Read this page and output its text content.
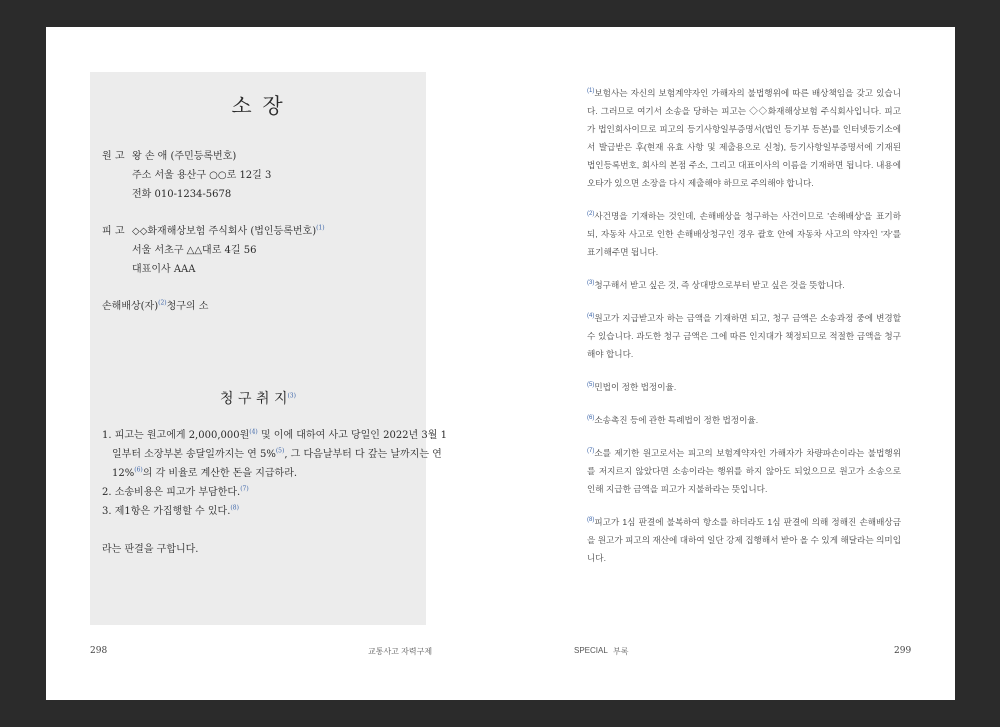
소 장
원 고 왕 손 애 (주민등록번호)
주소 서울 용산구 ○○로 12길 3
전화 010-1234-5678
피 고 ◇◇화재해상보험 주식회사 (법인등록번호)$^{(1)}$
서울 서초구 △△대로 4길 56
대표이사 AAA
손해배상(자)$^{(2)}$청구의 소
청 구 취 지$^{(3)}$
1. 피고는 원고에게 2,000,000원$^{(4)}$ 및 이에 대하여 사고 당일인 2022년 3월 1
일부터 소장부본 송달일까지는 연 5%$^{(5)}$, 그 다음날부터 다 갚는 날까지는 연
12%$^{(6)}$의 각 비율로 계산한 돈을 지급하라.
2. 소송비용은 피고가 부담한다.$^{(7)}$
3. 제1항은 가집행할 수 있다.$^{(8)}$
라는 판결을 구합니다.
$^{(1)}$보험사는 자신의 보험계약자인 가해자의 불법행위에 따른 배상책임을 갖고 있습니다. 그러므로 여기서 소송을 당하는 피고는 ◇◇화재해상보험 주식회사입니다. 피고가 법인회사이므로 피고의 등기사항일부증명서(법인 등기부 등본)를 인터넷등기소에서 발급받은 후(현재 유효 사항 및 제출용으로 신청), 등기사항일부증명서에 기재된 법인등록번호, 회사의 본점 주소, 그리고 대표이사의 이름을 기재하면 됩니다. 내용에 오타가 있으면 소장을 다시 제출해야 하므로 주의해야 합니다.
$^{(2)}$사건명을 기재하는 것인데, 손해배상을 청구하는 사건이므로 '손해배상'을 표기하되, 자동차 사고로 인한 손해배상청구인 경우 괄호 안에 자동차 사고의 약자인 '자'를 표기해주면 됩니다.
$^{(3)}$청구해서 받고 싶은 것, 즉 상대방으로부터 받고 싶은 것을 뜻합니다.
$^{(4)}$원고가 지급받고자 하는 금액을 기재하면 되고, 청구 금액은 소송과정 중에 변경할 수 있습니다. 과도한 청구 금액은 그에 따른 인지대가 책정되므로 적절한 금액을 청구해야 합니다.
$^{(5)}$민법이 정한 법정이율.
$^{(6)}$소송촉진 등에 관한 특례법이 정한 법정이율.
$^{(7)}$소를 제기한 원고로서는 피고의 보험계약자인 가해자가 차량파손이라는 불법행위를 저지르지 않았다면 소송이라는 행위를 하지 않아도 되었으므로 원고가 소송으로 인해 지급한 금액을 피고가 지불하라는 뜻입니다.
$^{(8)}$피고가 1심 판결에 불복하여 항소를 하더라도 1심 판결에 의해 정해진 손해배상금을 원고가 피고의 재산에 대하여 일단 강제 집행해서 받아 올 수 있게 해달라는 의미입니다.
298	교통사고 자력구제	SPECIAL 부록	299
